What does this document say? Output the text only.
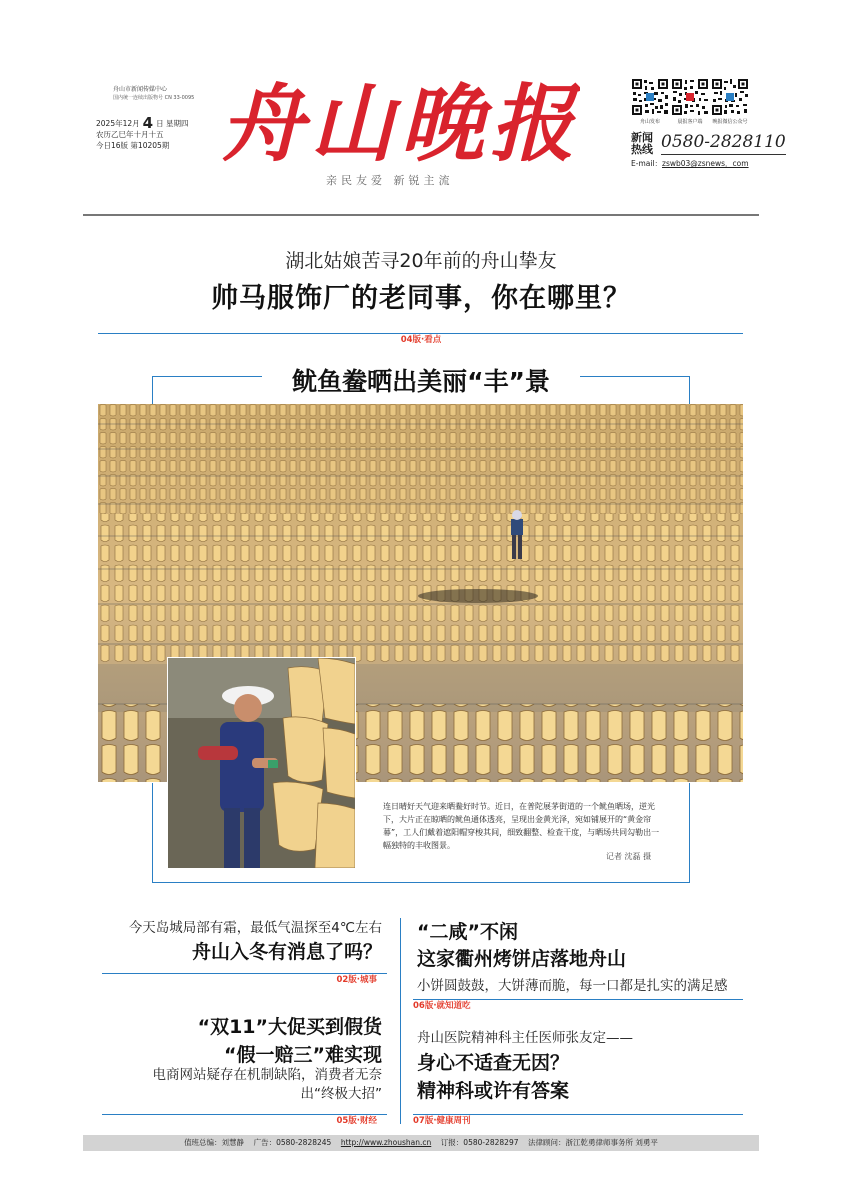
舟山市新闻传媒中心
国内统一连续出版物号 CN 33-0095
2025年12月 4 日 星期四
农历乙巳年十月十五
今日16版 第10205期 舟山晚报
亲民友爱 新锐主流
舟山发布	晨报客户端	晚报微信公众号
新闻热线 0580-2828110
E-mail：zswb03@zsnews．com
湖北姑娘苦寻20年前的舟山挚友
帅马服饰厂的老同事，你在哪里？
04版·看点
鱿鱼鲞晒出美丽“丰”景
连日晴好天气迎来晒鲞好时节。近日，在普陀展茅街道的一个鱿鱼晒场，逆光下，大片正在晾晒的鱿鱼通体透亮，呈现出金黄光泽，宛如铺展开的“黄金帘幕”，工人们戴着遮阳帽穿梭其间，细致翻整、检查干度，与晒场共同勾勒出一幅独特的丰收图景。
记者 沈磊 摄
今天岛城局部有霜，最低气温探至4℃左右
舟山入冬有消息了吗？
02版·城事
“二咸”不闲
这家衢州烤饼店落地舟山
小饼圆鼓鼓，大饼薄而脆，每一口都是扎实的满足感
06版·就知道吃
“双11”大促买到假货
“假一赔三”难实现
电商网站疑存在机制缺陷，消费者无奈出“终极大招”
05版·财经
舟山医院精神科主任医师张友定——
身心不适查无因？
精神科或许有答案
07版·健康周刊
值班总编：刘慧静 广告：0580-2828245 http://www.zhoushan.cn 订报：0580-2828297 法律顾问：浙江乾勇律师事务所 刘勇平
